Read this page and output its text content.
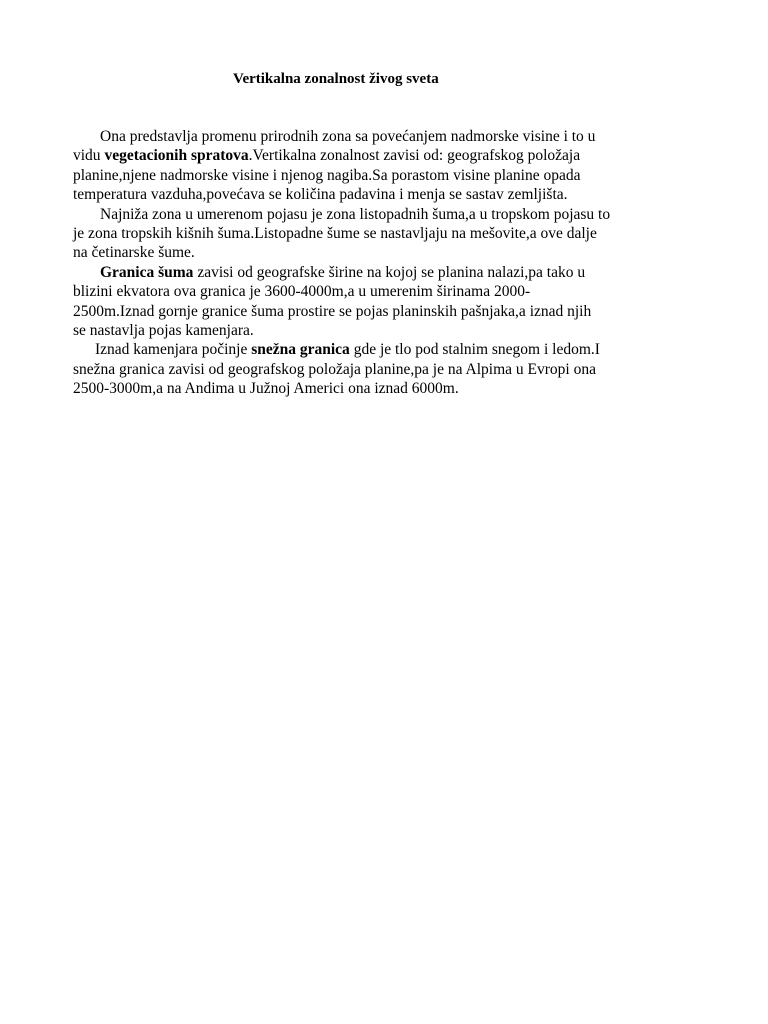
Vertikalna zonalnost živog sveta
Ona predstavlja promenu prirodnih zona sa povećanjem nadmorske visine i to u
vidu vegetacionih spratova.Vertikalna zonalnost zavisi od: geografskog položaja
planine,njene nadmorske visine i njenog nagiba.Sa porastom visine planine opada
temperatura vazduha,povećava se količina padavina i menja se sastav zemljišta.
Najniža zona u umerenom pojasu je zona listopadnih šuma,a u tropskom pojasu to
je zona tropskih kišnih šuma.Listopadne šume se nastavljaju na mešovite,a ove dalje
na četinarske šume.
Granica šuma zavisi od geografske širine na kojoj se planina nalazi,pa tako u
blizini ekvatora ova granica je 3600-4000m,a u umerenim širinama 2000-
2500m.Iznad gornje granice šuma prostire se pojas planinskih pašnjaka,a iznad njih
se nastavlja pojas kamenjara.
Iznad kamenjara počinje snežna granica gde je tlo pod stalnim snegom i ledom.I
snežna granica zavisi od geografskog položaja planine,pa je na Alpima u Evropi ona
2500-3000m,a na Andima u Južnoj Americi ona iznad 6000m.
